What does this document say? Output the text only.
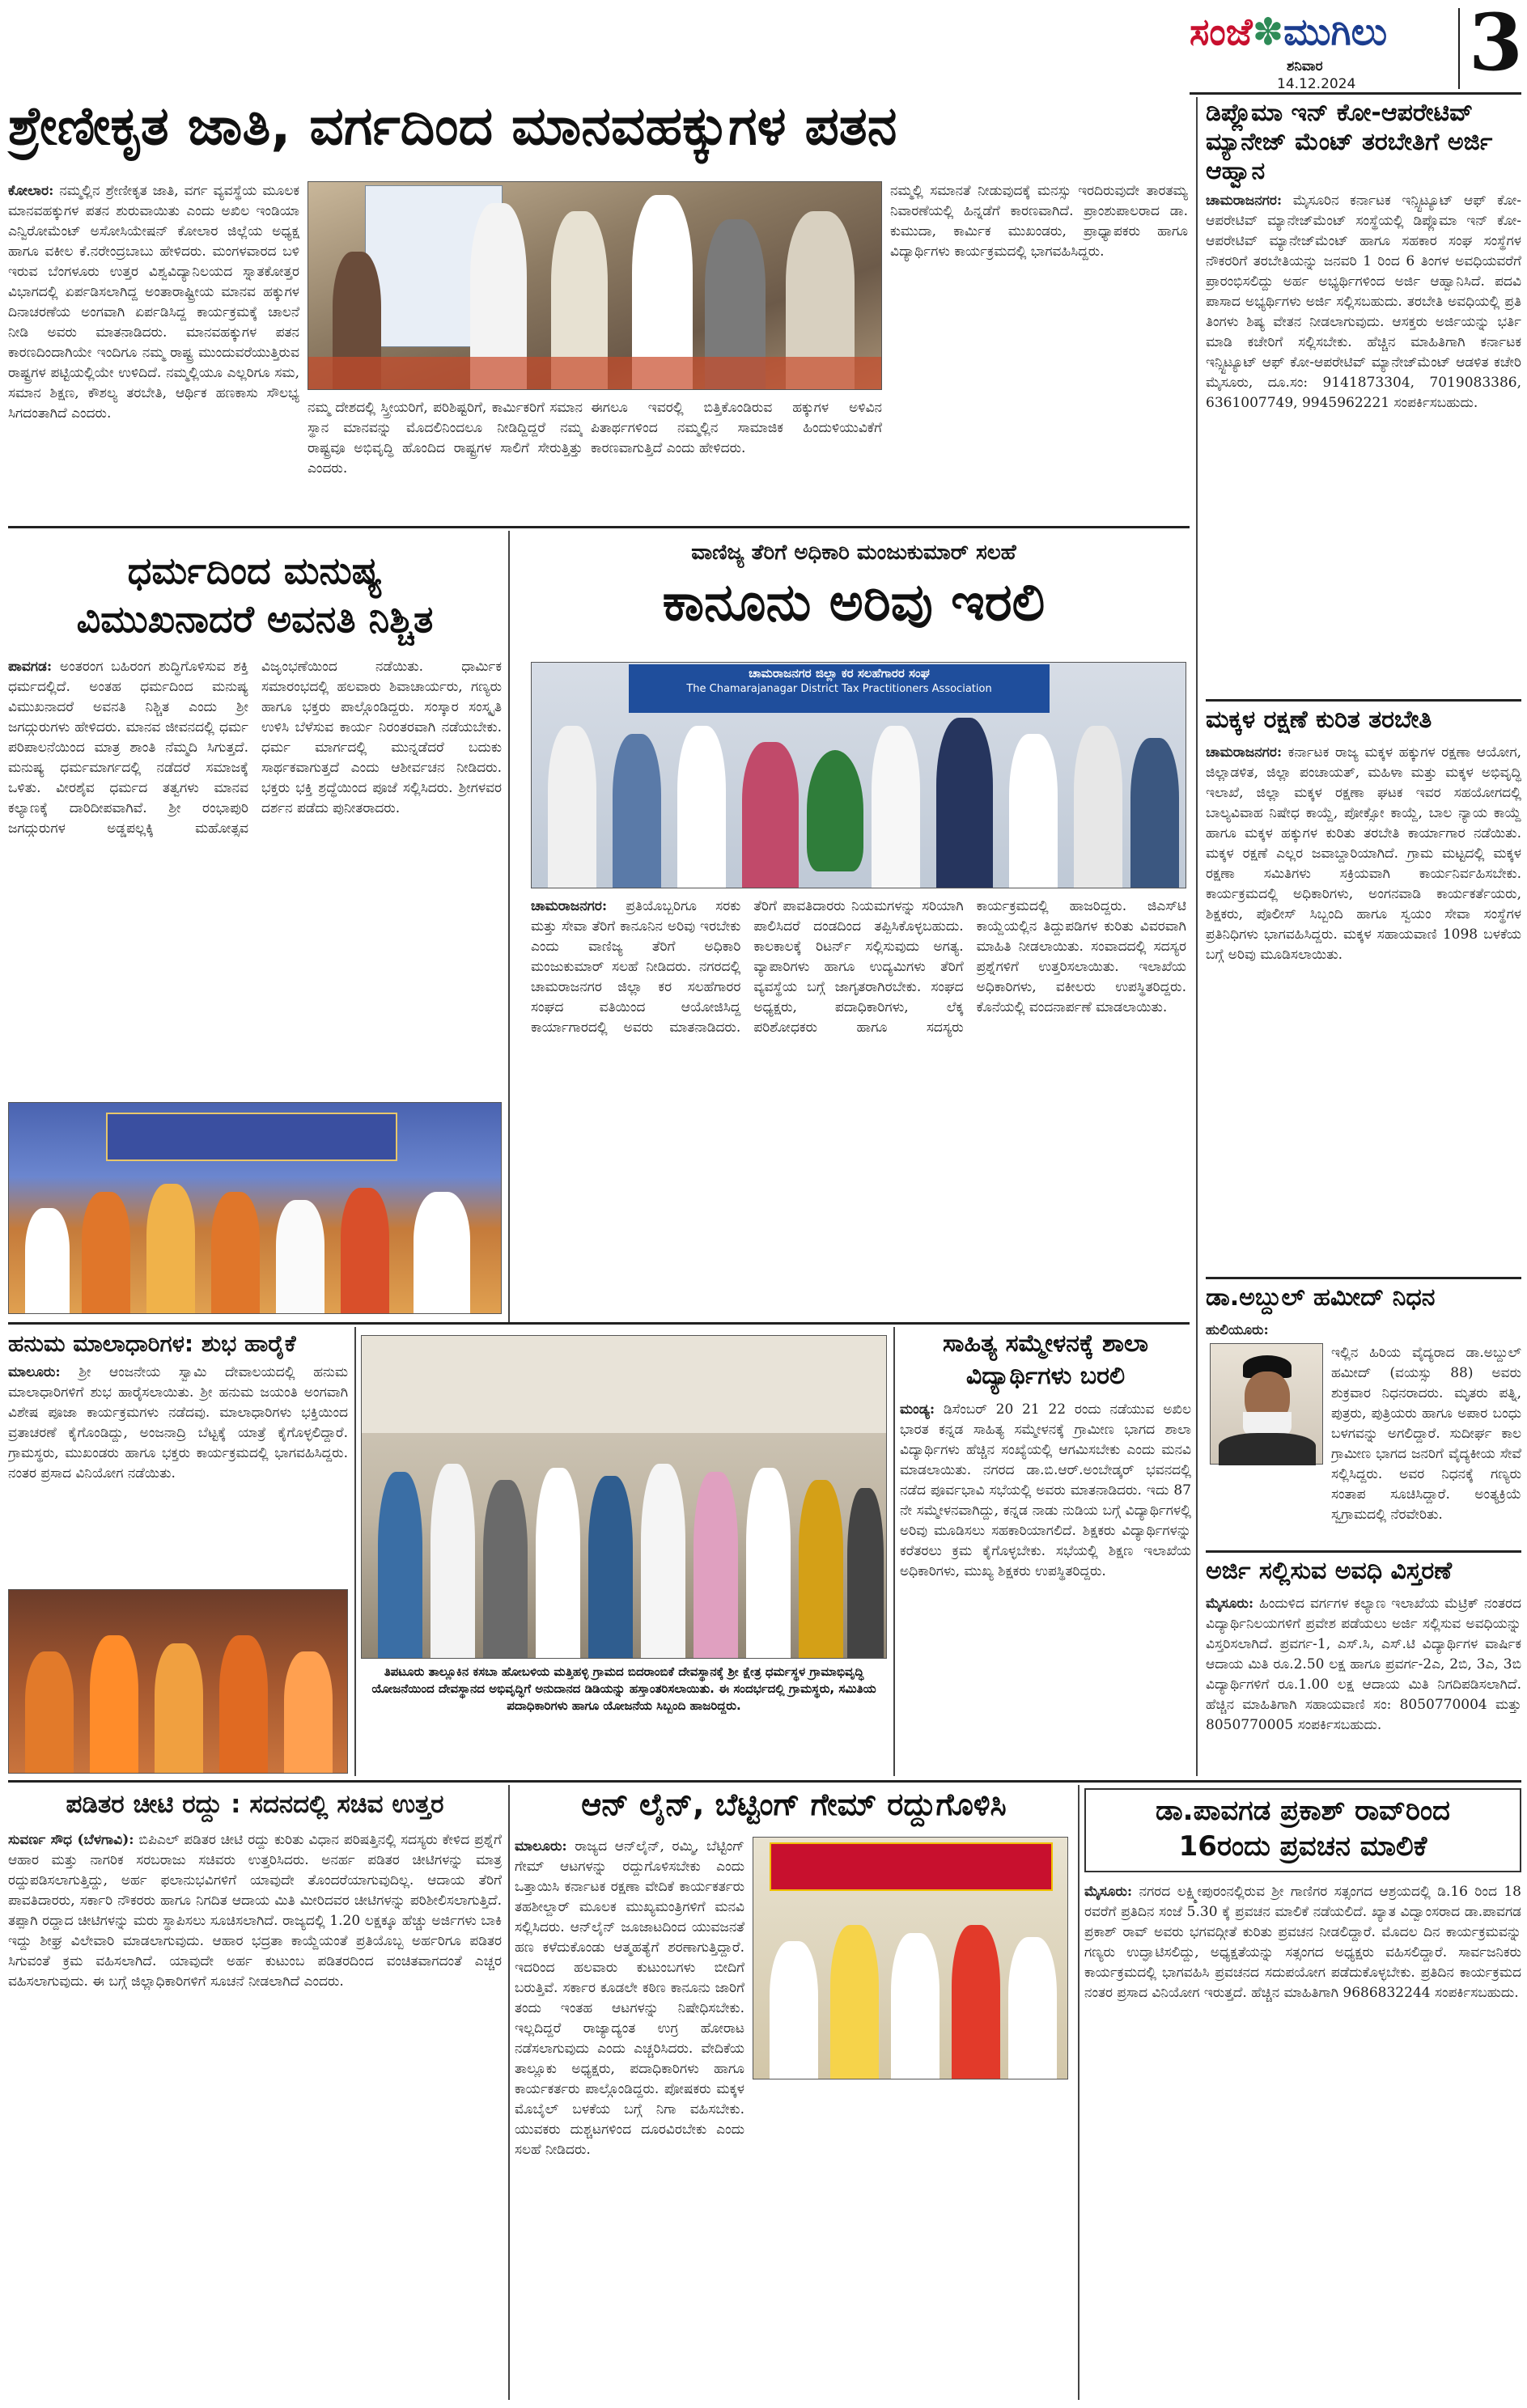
ಸಂಜೆ✽ಮುಗಿಲು
ಶನಿವಾರ
14.12.2024 3
ಶ್ರೇಣೀಕೃತ ಜಾತಿ, ವರ್ಗದಿಂದ ಮಾನವಹಕ್ಕುಗಳ ಪತನ
ಕೋಲಾರ: ನಮ್ಮಲ್ಲಿನ ಶ್ರೇಣೀಕೃತ ಜಾತಿ, ವರ್ಗ ವ್ಯವಸ್ಥೆಯ ಮೂಲಕ ಮಾನವಹಕ್ಕುಗಳ ಪತನ ಶುರುವಾಯಿತು ಎಂದು ಅಖಿಲ ಇಂಡಿಯಾ ಎನ್ವಿರೋಮೆಂಟ್ ಅಸೋಸಿಯೇಷನ್ ಕೋಲಾರ ಜಿಲ್ಲೆಯ ಅಧ್ಯಕ್ಷ ಹಾಗೂ ವಕೀಲ ಕೆ.ನರೇಂದ್ರಬಾಬು ಹೇಳಿದರು. ಮಂಗಳವಾರದ ಬಳಿ ಇರುವ ಬೆಂಗಳೂರು ಉತ್ತರ ವಿಶ್ವವಿದ್ಯಾನಿಲಯದ ಸ್ನಾತಕೋತ್ತರ ವಿಭಾಗದಲ್ಲಿ ಏರ್ಪಡಿಸಲಾಗಿದ್ದ ಅಂತಾರಾಷ್ಟ್ರೀಯ ಮಾನವ ಹಕ್ಕುಗಳ ದಿನಾಚರಣೆಯ ಅಂಗವಾಗಿ ಏರ್ಪಡಿಸಿದ್ದ ಕಾರ್ಯಕ್ರಮಕ್ಕೆ ಚಾಲನೆ ನೀಡಿ ಅವರು ಮಾತನಾಡಿದರು. ಮಾನವಹಕ್ಕುಗಳ ಪತನ ಕಾರಣದಿಂದಾಗಿಯೇ ಇಂದಿಗೂ ನಮ್ಮ ರಾಷ್ಟ್ರ ಮುಂದುವರೆಯುತ್ತಿರುವ ರಾಷ್ಟ್ರಗಳ ಪಟ್ಟಿಯಲ್ಲಿಯೇ ಉಳಿದಿದೆ. ನಮ್ಮಲ್ಲಿಯೂ ಎಲ್ಲರಿಗೂ ಸಮ, ಸಮಾನ ಶಿಕ್ಷಣ, ಕೌಶಲ್ಯ ತರಬೇತಿ, ಆರ್ಥಿಕ ಹಣಕಾಸು ಸೌಲಭ್ಯ ಸಿಗದಂತಾಗಿದೆ ಎಂದರು.	ನಮ್ಮ ದೇಶದಲ್ಲಿ ಸ್ತ್ರೀಯರಿಗೆ, ಪರಿಶಿಷ್ಟರಿಗೆ, ಕಾರ್ಮಿಕರಿಗೆ ಸಮಾನ ಸ್ಥಾನ ಮಾನವನ್ನು ಮೊದಲಿನಿಂದಲೂ ನೀಡಿದ್ದಿದ್ದರೆ ನಮ್ಮ ರಾಷ್ಟ್ರವೂ ಅಭಿವೃದ್ಧಿ ಹೊಂದಿದ ರಾಷ್ಟ್ರಗಳ ಸಾಲಿಗೆ ಸೇರುತ್ತಿತ್ತು ಎಂದರು.
ಈಗಲೂ ಇವರಲ್ಲಿ ಬಿತ್ತಿಕೊಂಡಿರುವ ಹಕ್ಕುಗಳ ಅಳಿವಿನ ಪಿತಾರ್ಥಗಳಿಂದ ನಮ್ಮಲ್ಲಿನ ಸಾಮಾಜಿಕ ಹಿಂದುಳಿಯುವಿಕೆಗೆ ಕಾರಣವಾಗುತ್ತಿದೆ ಎಂದು ಹೇಳಿದರು.
ನಮ್ಮಲ್ಲಿ ಸಮಾನತೆ ನೀಡುವುದಕ್ಕೆ ಮನಸ್ಸು ಇರದಿರುವುದೇ ತಾರತಮ್ಯ ನಿವಾರಣೆಯಲ್ಲಿ ಹಿನ್ನಡೆಗೆ ಕಾರಣವಾಗಿದೆ. ಪ್ರಾಂಶುಪಾಲರಾದ ಡಾ. ಕುಮುದಾ, ಕಾರ್ಮಿಕ ಮುಖಂಡರು, ಪ್ರಾಧ್ಯಾಪಕರು ಹಾಗೂ ವಿದ್ಯಾರ್ಥಿಗಳು ಕಾರ್ಯಕ್ರಮದಲ್ಲಿ ಭಾಗವಹಿಸಿದ್ದರು.
ಡಿಪ್ಲೊಮಾ ಇನ್ ಕೋ-ಆಪರೇಟಿವ್ ಮ್ಯಾನೇಜ್ ಮೆಂಟ್ ತರಬೇತಿಗೆ ಅರ್ಜಿ ಆಹ್ವಾನ
ಚಾಮರಾಜನಗರ: ಮೈಸೂರಿನ ಕರ್ನಾಟಕ ಇನ್ಸ್ಟಿಟ್ಯೂಟ್ ಆಫ್ ಕೋ-ಆಪರೇಟಿವ್ ಮ್ಯಾನೇಜ್‌ಮೆಂಟ್ ಸಂಸ್ಥೆಯಲ್ಲಿ ಡಿಪ್ಲೊಮಾ ಇನ್ ಕೋ-ಆಪರೇಟಿವ್ ಮ್ಯಾನೇಜ್‌ಮೆಂಟ್ ಹಾಗೂ ಸಹಕಾರ ಸಂಘ ಸಂಸ್ಥೆಗಳ ನೌಕರರಿಗೆ ತರಬೇತಿಯನ್ನು ಜನವರಿ 1 ರಿಂದ 6 ತಿಂಗಳ ಅವಧಿಯವರೆಗೆ ಪ್ರಾರಂಭಿಸಲಿದ್ದು ಅರ್ಹ ಅಭ್ಯರ್ಥಿಗಳಿಂದ ಅರ್ಜಿ ಆಹ್ವಾನಿಸಿದೆ. ಪದವಿ ಪಾಸಾದ ಅಭ್ಯರ್ಥಿಗಳು ಅರ್ಜಿ ಸಲ್ಲಿಸಬಹುದು. ತರಬೇತಿ ಅವಧಿಯಲ್ಲಿ ಪ್ರತಿ ತಿಂಗಳು ಶಿಷ್ಯ ವೇತನ ನೀಡಲಾಗುವುದು. ಆಸಕ್ತರು ಅರ್ಜಿಯನ್ನು ಭರ್ತಿ ಮಾಡಿ ಕಚೇರಿಗೆ ಸಲ್ಲಿಸಬೇಕು. ಹೆಚ್ಚಿನ ಮಾಹಿತಿಗಾಗಿ ಕರ್ನಾಟಕ ಇನ್ಸ್ಟಿಟ್ಯೂಟ್ ಆಫ್ ಕೋ-ಆಪರೇಟಿವ್ ಮ್ಯಾನೇಜ್‌ಮೆಂಟ್ ಆಡಳಿತ ಕಚೇರಿ ಮೈಸೂರು, ದೂ.ಸಂ: 9141873304, 7019083386, 6361007749, 9945962221 ಸಂಪರ್ಕಿಸಬಹುದು.
ಮಕ್ಕಳ ರಕ್ಷಣೆ ಕುರಿತ ತರಬೇತಿ
ಚಾಮರಾಜನಗರ: ಕರ್ನಾಟಕ ರಾಜ್ಯ ಮಕ್ಕಳ ಹಕ್ಕುಗಳ ರಕ್ಷಣಾ ಆಯೋಗ, ಜಿಲ್ಲಾಡಳಿತ, ಜಿಲ್ಲಾ ಪಂಚಾಯತ್, ಮಹಿಳಾ ಮತ್ತು ಮಕ್ಕಳ ಅಭಿವೃದ್ಧಿ ಇಲಾಖೆ, ಜಿಲ್ಲಾ ಮಕ್ಕಳ ರಕ್ಷಣಾ ಘಟಕ ಇವರ ಸಹಯೋಗದಲ್ಲಿ ಬಾಲ್ಯವಿವಾಹ ನಿಷೇಧ ಕಾಯ್ದೆ, ಪೋಕ್ಸೋ ಕಾಯ್ದೆ, ಬಾಲ ನ್ಯಾಯ ಕಾಯ್ದೆ ಹಾಗೂ ಮಕ್ಕಳ ಹಕ್ಕುಗಳ ಕುರಿತು ತರಬೇತಿ ಕಾರ್ಯಾಗಾರ ನಡೆಯಿತು. ಮಕ್ಕಳ ರಕ್ಷಣೆ ಎಲ್ಲರ ಜವಾಬ್ದಾರಿಯಾಗಿದೆ. ಗ್ರಾಮ ಮಟ್ಟದಲ್ಲಿ ಮಕ್ಕಳ ರಕ್ಷಣಾ ಸಮಿತಿಗಳು ಸಕ್ರಿಯವಾಗಿ ಕಾರ್ಯನಿರ್ವಹಿಸಬೇಕು. ಕಾರ್ಯಕ್ರಮದಲ್ಲಿ ಅಧಿಕಾರಿಗಳು, ಅಂಗನವಾಡಿ ಕಾರ್ಯಕರ್ತೆಯರು, ಶಿಕ್ಷಕರು, ಪೊಲೀಸ್ ಸಿಬ್ಬಂದಿ ಹಾಗೂ ಸ್ವಯಂ ಸೇವಾ ಸಂಸ್ಥೆಗಳ ಪ್ರತಿನಿಧಿಗಳು ಭಾಗವಹಿಸಿದ್ದರು. ಮಕ್ಕಳ ಸಹಾಯವಾಣಿ 1098 ಬಳಕೆಯ ಬಗ್ಗೆ ಅರಿವು ಮೂಡಿಸಲಾಯಿತು.
ಡಾ.ಅಬ್ದುಲ್ ಹಮೀದ್ ನಿಧನ
ಹುಲಿಯೂರು:
ಇಲ್ಲಿನ ಹಿರಿಯ ವೈದ್ಯರಾದ ಡಾ.ಅಬ್ದುಲ್ ಹಮೀದ್ (ವಯಸ್ಸು 88) ಅವರು ಶುಕ್ರವಾರ ನಿಧನರಾದರು. ಮೃತರು ಪತ್ನಿ, ಪುತ್ರರು, ಪುತ್ರಿಯರು ಹಾಗೂ ಅಪಾರ ಬಂಧು ಬಳಗವನ್ನು ಅಗಲಿದ್ದಾರೆ. ಸುದೀರ್ಘ ಕಾಲ ಗ್ರಾಮೀಣ ಭಾಗದ ಜನರಿಗೆ ವೈದ್ಯಕೀಯ ಸೇವೆ ಸಲ್ಲಿಸಿದ್ದರು. ಅವರ ನಿಧನಕ್ಕೆ ಗಣ್ಯರು ಸಂತಾಪ ಸೂಚಿಸಿದ್ದಾರೆ. ಅಂತ್ಯಕ್ರಿಯೆ ಸ್ವಗ್ರಾಮದಲ್ಲಿ ನೆರವೇರಿತು.
ಅರ್ಜಿ ಸಲ್ಲಿಸುವ ಅವಧಿ ವಿಸ್ತರಣೆ
ಮೈಸೂರು: ಹಿಂದುಳಿದ ವರ್ಗಗಳ ಕಲ್ಯಾಣ ಇಲಾಖೆಯ ಮೆಟ್ರಿಕ್ ನಂತರದ ವಿದ್ಯಾರ್ಥಿನಿಲಯಗಳಿಗೆ ಪ್ರವೇಶ ಪಡೆಯಲು ಅರ್ಜಿ ಸಲ್ಲಿಸುವ ಅವಧಿಯನ್ನು ವಿಸ್ತರಿಸಲಾಗಿದೆ. ಪ್ರವರ್ಗ-1, ಎಸ್.ಸಿ, ಎಸ್.ಟಿ ವಿದ್ಯಾರ್ಥಿಗಳ ವಾರ್ಷಿಕ ಆದಾಯ ಮಿತಿ ರೂ.2.50 ಲಕ್ಷ ಹಾಗೂ ಪ್ರವರ್ಗ-2ಎ, 2ಬಿ, 3ಎ, 3ಬಿ ವಿದ್ಯಾರ್ಥಿಗಳಿಗೆ ರೂ.1.00 ಲಕ್ಷ ಆದಾಯ ಮಿತಿ ನಿಗದಿಪಡಿಸಲಾಗಿದೆ. ಹೆಚ್ಚಿನ ಮಾಹಿತಿಗಾಗಿ ಸಹಾಯವಾಣಿ ಸಂ: 8050770004 ಮತ್ತು 8050770005 ಸಂಪರ್ಕಿಸಬಹುದು.
ಧರ್ಮದಿಂದ ಮನುಷ್ಯ
ವಿಮುಖನಾದರೆ ಅವನತಿ ನಿಶ್ಚಿತ
ಪಾವಗಡ: ಅಂತರಂಗ ಬಹಿರಂಗ ಶುದ್ಧಿಗೊಳಿಸುವ ಶಕ್ತಿ ಧರ್ಮದಲ್ಲಿದೆ. ಅಂತಹ ಧರ್ಮದಿಂದ ಮನುಷ್ಯ ವಿಮುಖನಾದರೆ ಅವನತಿ ನಿಶ್ಚಿತ ಎಂದು ಶ್ರೀ ಜಗದ್ಗುರುಗಳು ಹೇಳಿದರು. ಮಾನವ ಜೀವನದಲ್ಲಿ ಧರ್ಮ ಪರಿಪಾಲನೆಯಿಂದ ಮಾತ್ರ ಶಾಂತಿ ನೆಮ್ಮದಿ ಸಿಗುತ್ತದೆ. ಮನುಷ್ಯ ಧರ್ಮಮಾರ್ಗದಲ್ಲಿ ನಡೆದರೆ ಸಮಾಜಕ್ಕೆ ಒಳಿತು. ವೀರಶೈವ ಧರ್ಮದ ತತ್ವಗಳು ಮಾನವ ಕಲ್ಯಾಣಕ್ಕೆ ದಾರಿದೀಪವಾಗಿವೆ. ಶ್ರೀ ರಂಭಾಪುರಿ ಜಗದ್ಗುರುಗಳ ಅಡ್ಡಪಲ್ಲಕ್ಕಿ ಮಹೋತ್ಸವ ವಿಜೃಂಭಣೆಯಿಂದ ನಡೆಯಿತು. ಧಾರ್ಮಿಕ ಸಮಾರಂಭದಲ್ಲಿ ಹಲವಾರು ಶಿವಾಚಾರ್ಯರು, ಗಣ್ಯರು ಹಾಗೂ ಭಕ್ತರು ಪಾಲ್ಗೊಂಡಿದ್ದರು. ಸಂಸ್ಕಾರ ಸಂಸ್ಕೃತಿ ಉಳಿಸಿ ಬೆಳೆಸುವ ಕಾರ್ಯ ನಿರಂತರವಾಗಿ ನಡೆಯಬೇಕು. ಧರ್ಮ ಮಾರ್ಗದಲ್ಲಿ ಮುನ್ನಡೆದರೆ ಬದುಕು ಸಾರ್ಥಕವಾಗುತ್ತದೆ ಎಂದು ಆಶೀರ್ವಚನ ನೀಡಿದರು. ಭಕ್ತರು ಭಕ್ತಿ ಶ್ರದ್ಧೆಯಿಂದ ಪೂಜೆ ಸಲ್ಲಿಸಿದರು. ಶ್ರೀಗಳವರ ದರ್ಶನ ಪಡೆದು ಪುನೀತರಾದರು.
ವಾಣಿಜ್ಯ ತೆರಿಗೆ ಅಧಿಕಾರಿ ಮಂಜುಕುಮಾರ್ ಸಲಹೆ
ಕಾನೂನು ಅರಿವು ಇರಲಿ
ಚಾಮರಾಜನಗರ ಜಿಲ್ಲಾ ಕರ ಸಲಹೆಗಾರರ ಸಂಘ
The Chamarajanagar District Tax Practitioners Association
ಚಾಮರಾಜನಗರ: ಪ್ರತಿಯೊಬ್ಬರಿಗೂ ಸರಕು ಮತ್ತು ಸೇವಾ ತೆರಿಗೆ ಕಾನೂನಿನ ಅರಿವು ಇರಬೇಕು ಎಂದು ವಾಣಿಜ್ಯ ತೆರಿಗೆ ಅಧಿಕಾರಿ ಮಂಜುಕುಮಾರ್ ಸಲಹೆ ನೀಡಿದರು. ನಗರದಲ್ಲಿ ಚಾಮರಾಜನಗರ ಜಿಲ್ಲಾ ಕರ ಸಲಹೆಗಾರರ ಸಂಘದ ವತಿಯಿಂದ ಆಯೋಜಿಸಿದ್ದ ಕಾರ್ಯಾಗಾರದಲ್ಲಿ ಅವರು ಮಾತನಾಡಿದರು. ತೆರಿಗೆ ಪಾವತಿದಾರರು ನಿಯಮಗಳನ್ನು ಸರಿಯಾಗಿ ಪಾಲಿಸಿದರೆ ದಂಡದಿಂದ ತಪ್ಪಿಸಿಕೊಳ್ಳಬಹುದು. ಕಾಲಕಾಲಕ್ಕೆ ರಿಟರ್ನ್ ಸಲ್ಲಿಸುವುದು ಅಗತ್ಯ. ವ್ಯಾಪಾರಿಗಳು ಹಾಗೂ ಉದ್ಯಮಿಗಳು ತೆರಿಗೆ ವ್ಯವಸ್ಥೆಯ ಬಗ್ಗೆ ಜಾಗೃತರಾಗಿರಬೇಕು. ಸಂಘದ ಅಧ್ಯಕ್ಷರು, ಪದಾಧಿಕಾರಿಗಳು, ಲೆಕ್ಕ ಪರಿಶೋಧಕರು ಹಾಗೂ ಸದಸ್ಯರು ಕಾರ್ಯಕ್ರಮದಲ್ಲಿ ಹಾಜರಿದ್ದರು. ಜಿಎಸ್‌ಟಿ ಕಾಯ್ದೆಯಲ್ಲಿನ ತಿದ್ದುಪಡಿಗಳ ಕುರಿತು ವಿವರವಾಗಿ ಮಾಹಿತಿ ನೀಡಲಾಯಿತು. ಸಂವಾದದಲ್ಲಿ ಸದಸ್ಯರ ಪ್ರಶ್ನೆಗಳಿಗೆ ಉತ್ತರಿಸಲಾಯಿತು. ಇಲಾಖೆಯ ಅಧಿಕಾರಿಗಳು, ವಕೀಲರು ಉಪಸ್ಥಿತರಿದ್ದರು. ಕೊನೆಯಲ್ಲಿ ವಂದನಾರ್ಪಣೆ ಮಾಡಲಾಯಿತು.
ಹನುಮ ಮಾಲಾಧಾರಿಗಳ: ಶುಭ ಹಾರೈಕೆ
ಮಾಲೂರು: ಶ್ರೀ ಆಂಜನೇಯ ಸ್ವಾಮಿ ದೇವಾಲಯದಲ್ಲಿ ಹನುಮ ಮಾಲಾಧಾರಿಗಳಿಗೆ ಶುಭ ಹಾರೈಸಲಾಯಿತು. ಶ್ರೀ ಹನುಮ ಜಯಂತಿ ಅಂಗವಾಗಿ ವಿಶೇಷ ಪೂಜಾ ಕಾರ್ಯಕ್ರಮಗಳು ನಡೆದವು. ಮಾಲಾಧಾರಿಗಳು ಭಕ್ತಿಯಿಂದ ವ್ರತಾಚರಣೆ ಕೈಗೊಂಡಿದ್ದು, ಅಂಜನಾದ್ರಿ ಬೆಟ್ಟಕ್ಕೆ ಯಾತ್ರೆ ಕೈಗೊಳ್ಳಲಿದ್ದಾರೆ. ಗ್ರಾಮಸ್ಥರು, ಮುಖಂಡರು ಹಾಗೂ ಭಕ್ತರು ಕಾರ್ಯಕ್ರಮದಲ್ಲಿ ಭಾಗವಹಿಸಿದ್ದರು. ನಂತರ ಪ್ರಸಾದ ವಿನಿಯೋಗ ನಡೆಯಿತು.
ತಿಪಟೂರು ತಾಲ್ಲೂಕಿನ ಕಸಬಾ ಹೋಬಳಿಯ ಮತ್ತಿಹಳ್ಳಿ ಗ್ರಾಮದ ಬಿದರಾಂಬಿಕೆ ದೇವಸ್ಥಾನಕ್ಕೆ ಶ್ರೀ ಕ್ಷೇತ್ರ ಧರ್ಮಸ್ಥಳ ಗ್ರಾಮಾಭಿವೃದ್ಧಿ ಯೋಜನೆಯಿಂದ ದೇವಸ್ಥಾನದ ಅಭಿವೃದ್ಧಿಗೆ ಅನುದಾನದ ಡಿಡಿಯನ್ನು ಹಸ್ತಾಂತರಿಸಲಾಯಿತು. ಈ ಸಂದರ್ಭದಲ್ಲಿ ಗ್ರಾಮಸ್ಥರು, ಸಮಿತಿಯ ಪದಾಧಿಕಾರಿಗಳು ಹಾಗೂ ಯೋಜನೆಯ ಸಿಬ್ಬಂದಿ ಹಾಜರಿದ್ದರು.
ಸಾಹಿತ್ಯ ಸಮ್ಮೇಳನಕ್ಕೆ ಶಾಲಾ
ವಿದ್ಯಾರ್ಥಿಗಳು ಬರಲಿ
ಮಂಡ್ಯ: ಡಿಸೆಂಬರ್ 20 21 22 ರಂದು ನಡೆಯುವ ಅಖಿಲ ಭಾರತ ಕನ್ನಡ ಸಾಹಿತ್ಯ ಸಮ್ಮೇಳನಕ್ಕೆ ಗ್ರಾಮೀಣ ಭಾಗದ ಶಾಲಾ ವಿದ್ಯಾರ್ಥಿಗಳು ಹೆಚ್ಚಿನ ಸಂಖ್ಯೆಯಲ್ಲಿ ಆಗಮಿಸಬೇಕು ಎಂದು ಮನವಿ ಮಾಡಲಾಯಿತು. ನಗರದ ಡಾ.ಬಿ.ಆರ್.ಅಂಬೇಡ್ಕರ್ ಭವನದಲ್ಲಿ ನಡೆದ ಪೂರ್ವಭಾವಿ ಸಭೆಯಲ್ಲಿ ಅವರು ಮಾತನಾಡಿದರು. ಇದು 87 ನೇ ಸಮ್ಮೇಳನವಾಗಿದ್ದು, ಕನ್ನಡ ನಾಡು ನುಡಿಯ ಬಗ್ಗೆ ವಿದ್ಯಾರ್ಥಿಗಳಲ್ಲಿ ಅರಿವು ಮೂಡಿಸಲು ಸಹಕಾರಿಯಾಗಲಿದೆ. ಶಿಕ್ಷಕರು ವಿದ್ಯಾರ್ಥಿಗಳನ್ನು ಕರೆತರಲು ಕ್ರಮ ಕೈಗೊಳ್ಳಬೇಕು. ಸಭೆಯಲ್ಲಿ ಶಿಕ್ಷಣ ಇಲಾಖೆಯ ಅಧಿಕಾರಿಗಳು, ಮುಖ್ಯ ಶಿಕ್ಷಕರು ಉಪಸ್ಥಿತರಿದ್ದರು.
ಪಡಿತರ ಚೀಟಿ ರದ್ದು : ಸದನದಲ್ಲಿ ಸಚಿವ ಉತ್ತರ
ಸುವರ್ಣ ಸೌಧ (ಬೆಳಗಾವಿ): ಬಿಪಿಎಲ್ ಪಡಿತರ ಚೀಟಿ ರದ್ದು ಕುರಿತು ವಿಧಾನ ಪರಿಷತ್ತಿನಲ್ಲಿ ಸದಸ್ಯರು ಕೇಳಿದ ಪ್ರಶ್ನೆಗೆ ಆಹಾರ ಮತ್ತು ನಾಗರಿಕ ಸರಬರಾಜು ಸಚಿವರು ಉತ್ತರಿಸಿದರು. ಅನರ್ಹ ಪಡಿತರ ಚೀಟಿಗಳನ್ನು ಮಾತ್ರ ರದ್ದುಪಡಿಸಲಾಗುತ್ತಿದ್ದು, ಅರ್ಹ ಫಲಾನುಭವಿಗಳಿಗೆ ಯಾವುದೇ ತೊಂದರೆಯಾಗುವುದಿಲ್ಲ. ಆದಾಯ ತೆರಿಗೆ ಪಾವತಿದಾರರು, ಸರ್ಕಾರಿ ನೌಕರರು ಹಾಗೂ ನಿಗದಿತ ಆದಾಯ ಮಿತಿ ಮೀರಿದವರ ಚೀಟಿಗಳನ್ನು ಪರಿಶೀಲಿಸಲಾಗುತ್ತಿದೆ. ತಪ್ಪಾಗಿ ರದ್ದಾದ ಚೀಟಿಗಳನ್ನು ಮರು ಸ್ಥಾಪಿಸಲು ಸೂಚಿಸಲಾಗಿದೆ. ರಾಜ್ಯದಲ್ಲಿ 1.20 ಲಕ್ಷಕ್ಕೂ ಹೆಚ್ಚು ಅರ್ಜಿಗಳು ಬಾಕಿ ಇದ್ದು ಶೀಘ್ರ ವಿಲೇವಾರಿ ಮಾಡಲಾಗುವುದು. ಆಹಾರ ಭದ್ರತಾ ಕಾಯ್ದೆಯಂತೆ ಪ್ರತಿಯೊಬ್ಬ ಅರ್ಹರಿಗೂ ಪಡಿತರ ಸಿಗುವಂತೆ ಕ್ರಮ ವಹಿಸಲಾಗಿದೆ. ಯಾವುದೇ ಅರ್ಹ ಕುಟುಂಬ ಪಡಿತರದಿಂದ ವಂಚಿತವಾಗದಂತೆ ಎಚ್ಚರ ವಹಿಸಲಾಗುವುದು. ಈ ಬಗ್ಗೆ ಜಿಲ್ಲಾಧಿಕಾರಿಗಳಿಗೆ ಸೂಚನೆ ನೀಡಲಾಗಿದೆ ಎಂದರು.
ಆನ್ ಲೈನ್, ಬೆಟ್ಟಿಂಗ್ ಗೇಮ್ ರದ್ದುಗೊಳಿಸಿ
ಮಾಲೂರು: ರಾಜ್ಯದ ಆನ್‌ಲೈನ್, ರಮ್ಮಿ, ಬೆಟ್ಟಿಂಗ್ ಗೇಮ್ ಆಟಗಳನ್ನು ರದ್ದುಗೊಳಿಸಬೇಕು ಎಂದು ಒತ್ತಾಯಿಸಿ ಕರ್ನಾಟಕ ರಕ್ಷಣಾ ವೇದಿಕೆ ಕಾರ್ಯಕರ್ತರು ತಹಶೀಲ್ದಾರ್ ಮೂಲಕ ಮುಖ್ಯಮಂತ್ರಿಗಳಿಗೆ ಮನವಿ ಸಲ್ಲಿಸಿದರು. ಆನ್‌ಲೈನ್ ಜೂಜಾಟದಿಂದ ಯುವಜನತೆ ಹಣ ಕಳೆದುಕೊಂಡು ಆತ್ಮಹತ್ಯೆಗೆ ಶರಣಾಗುತ್ತಿದ್ದಾರೆ. ಇದರಿಂದ ಹಲವಾರು ಕುಟುಂಬಗಳು ಬೀದಿಗೆ ಬರುತ್ತಿವೆ. ಸರ್ಕಾರ ಕೂಡಲೇ ಕಠಿಣ ಕಾನೂನು ಜಾರಿಗೆ ತಂದು ಇಂತಹ ಆಟಗಳನ್ನು ನಿಷೇಧಿಸಬೇಕು. ಇಲ್ಲದಿದ್ದರೆ ರಾಜ್ಯಾದ್ಯಂತ ಉಗ್ರ ಹೋರಾಟ ನಡೆಸಲಾಗುವುದು ಎಂದು ಎಚ್ಚರಿಸಿದರು. ವೇದಿಕೆಯ ತಾಲ್ಲೂಕು ಅಧ್ಯಕ್ಷರು, ಪದಾಧಿಕಾರಿಗಳು ಹಾಗೂ ಕಾರ್ಯಕರ್ತರು ಪಾಲ್ಗೊಂಡಿದ್ದರು. ಪೋಷಕರು ಮಕ್ಕಳ ಮೊಬೈಲ್ ಬಳಕೆಯ ಬಗ್ಗೆ ನಿಗಾ ವಹಿಸಬೇಕು. ಯುವಕರು ದುಶ್ಚಟಗಳಿಂದ ದೂರವಿರಬೇಕು ಎಂದು ಸಲಹೆ ನೀಡಿದರು.
ಡಾ.ಪಾವಗಡ ಪ್ರಕಾಶ್ ರಾವ್‌ರಿಂದ
16ರಂದು ಪ್ರವಚನ ಮಾಲಿಕೆ
ಮೈಸೂರು: ನಗರದ ಲಕ್ಷ್ಮೀಪುರಂನಲ್ಲಿರುವ ಶ್ರೀ ಗಾಣಿಗರ ಸತ್ಸಂಗದ ಆಶ್ರಯದಲ್ಲಿ ಡಿ.16 ರಿಂದ 18 ರವರೆಗೆ ಪ್ರತಿದಿನ ಸಂಜೆ 5.30 ಕ್ಕೆ ಪ್ರವಚನ ಮಾಲಿಕೆ ನಡೆಯಲಿದೆ. ಖ್ಯಾತ ವಿದ್ವಾಂಸರಾದ ಡಾ.ಪಾವಗಡ ಪ್ರಕಾಶ್ ರಾವ್ ಅವರು ಭಗವದ್ಗೀತೆ ಕುರಿತು ಪ್ರವಚನ ನೀಡಲಿದ್ದಾರೆ. ಮೊದಲ ದಿನ ಕಾರ್ಯಕ್ರಮವನ್ನು ಗಣ್ಯರು ಉದ್ಘಾಟಿಸಲಿದ್ದು, ಅಧ್ಯಕ್ಷತೆಯನ್ನು ಸತ್ಸಂಗದ ಅಧ್ಯಕ್ಷರು ವಹಿಸಲಿದ್ದಾರೆ. ಸಾರ್ವಜನಿಕರು ಕಾರ್ಯಕ್ರಮದಲ್ಲಿ ಭಾಗವಹಿಸಿ ಪ್ರವಚನದ ಸದುಪಯೋಗ ಪಡೆದುಕೊಳ್ಳಬೇಕು. ಪ್ರತಿದಿನ ಕಾರ್ಯಕ್ರಮದ ನಂತರ ಪ್ರಸಾದ ವಿನಿಯೋಗ ಇರುತ್ತದೆ. ಹೆಚ್ಚಿನ ಮಾಹಿತಿಗಾಗಿ 9686832244 ಸಂಪರ್ಕಿಸಬಹುದು.
